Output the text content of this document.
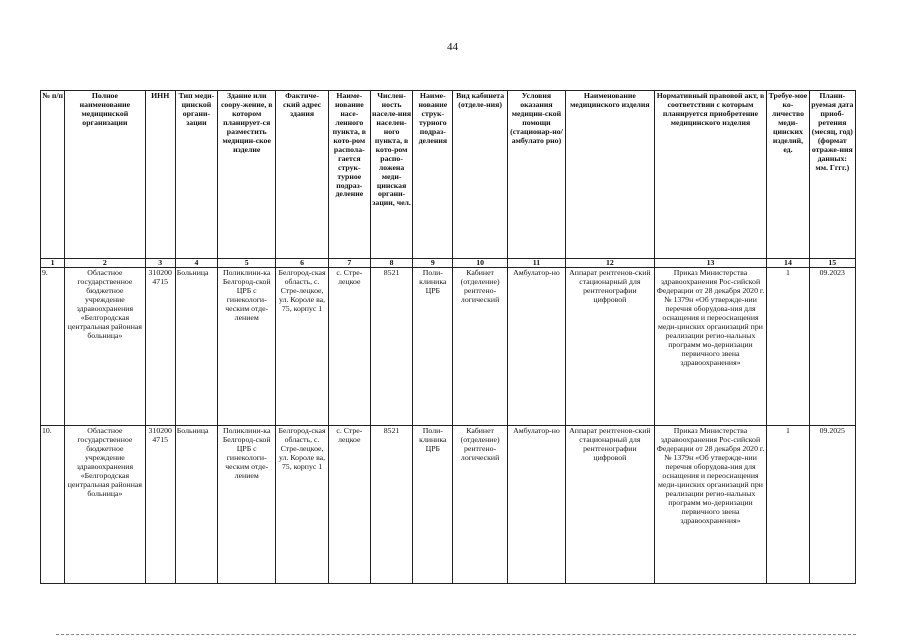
44
№ п/п	Полное наименование медицинской организации	ИНН	Тип меди-цинской органи-зации	Здание или соору-жение, в котором планирует-ся разместить медицин-ское изделие	Фактиче-ский адрес здания	Наиме-нование насе-ленного пункта, в кото-ром распола-гается струк-турное подраз-деление	Числен-ность населе-ния населен-ного пункта, в кото-ром распо-ложена меди-цинская органи-зации, чел.	Наиме-нование струк-турного подраз-деления	Вид кабинета (отделе-ния)	Условия оказания медицин-ской помощи (стационар-но/амбулато рно)	Наименование медицинского изделия	Нормативный правовой акт, в соответствии с которым планируется приобретение медицинского изделия	Требуе-мое ко-личество меди-цинских изделий, ед.	Плани-руемая дата приоб-ретения (месяц, год) (формат отраже-ния данных: мм. Гггг.)
1	2	3	4	5	6	7	8	9	10	11	12	13	14	15
9.	Областное государственное бюджетное учреждение здравоохранения «Белгородская центральная районная больница»	3102004715	Больница	Поликлини-ка Белгород-ской ЦРБ с гинекологи-ческим отде-лением	Белгород-ская область, с. Стре-лецкое, ул. Короле ва, 75, корпус 1	с. Стре-лецкое	8521	Поли-клиника ЦРБ	Кабинет (отделение) рентгено-логический	Амбулатор-но	Аппарат рентгенов-ский стационарный для рентгенографии цифровой	Приказ Министерства здравоохранения Рос-сийской Федерации от 28 декабря 2020 г. № 1379н «Об утвержде-нии перечня оборудова-ния для оснащения и переоснащения меди-цинских организаций при реализации регио-нальных программ мо-дернизации первичного звена здравоохранения»	1	09.2023
10.	Областное государственное бюджетное учреждение здравоохранения «Белгородская центральная районная больница»	3102004715	Больница	Поликлини-ка Белгород-ской ЦРБ с гинекологи-ческим отде-лением	Белгород-ская область, с. Стре-лецкое, ул. Короле ва, 75, корпус 1	с. Стре-лецкое	8521	Поли-клиника ЦРБ	Кабинет (отделение) рентгено-логический	Амбулатор-но	Аппарат рентгенов-ский стационарный для рентгенографии цифровой	Приказ Министерства здравоохранения Рос-сийской Федерации от 28 декабря 2020 г. № 1379н «Об утвержде-нии перечня оборудова-ния для оснащения и переоснащения меди-цинских организаций при реализации регио-нальных программ мо-дернизации первичного звена здравоохранения»	1	09.2025
